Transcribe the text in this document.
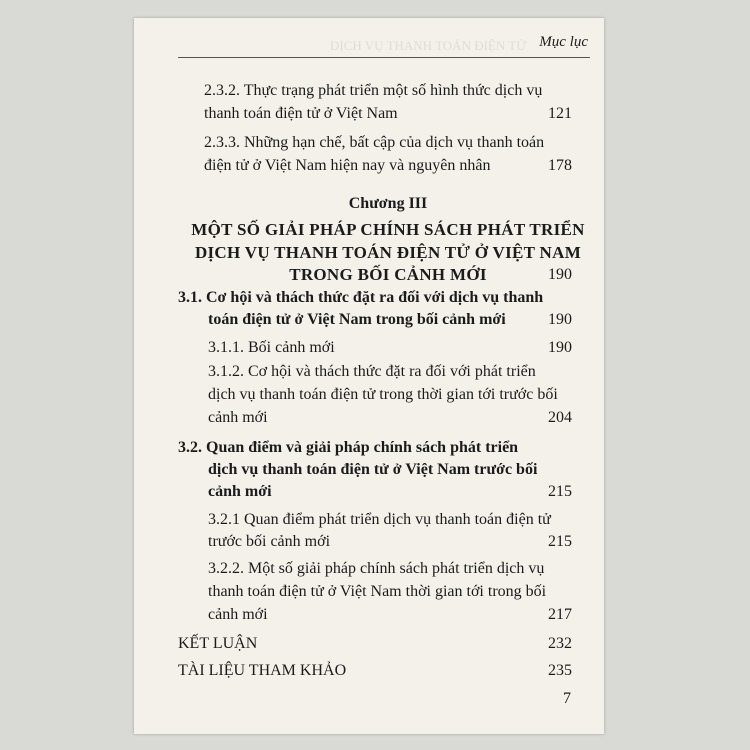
DỊCH VỤ THANH TOÁN ĐIỆN TỬ Mục lục
2.3.2. Thực trạng phát triển một số hình thức dịch vụ
thanh toán điện tử ở Việt Nam	121
2.3.3. Những hạn chế, bất cập của dịch vụ thanh toán
điện tử ở Việt Nam hiện nay và nguyên nhân	178
Chương III
MỘT SỐ GIẢI PHÁP CHÍNH SÁCH PHÁT TRIỂN
DỊCH VỤ THANH TOÁN ĐIỆN TỬ Ở VIỆT NAM
TRONG BỐI CẢNH MỚI	190
3.1. Cơ hội và thách thức đặt ra đối với dịch vụ thanh
toán điện tử ở Việt Nam trong bối cảnh mới	190
3.1.1. Bối cảnh mới	190
3.1.2. Cơ hội và thách thức đặt ra đối với phát triển
dịch vụ thanh toán điện tử trong thời gian tới trước bối
cảnh mới	204
3.2. Quan điểm và giải pháp chính sách phát triển
dịch vụ thanh toán điện tử ở Việt Nam trước bối
cảnh mới	215
3.2.1 Quan điểm phát triển dịch vụ thanh toán điện tử
trước bối cảnh mới	215
3.2.2. Một số giải pháp chính sách phát triển dịch vụ
thanh toán điện tử ở Việt Nam thời gian tới trong bối
cảnh mới	217
KẾT LUẬN	232
TÀI LIỆU THAM KHẢO	235
7
